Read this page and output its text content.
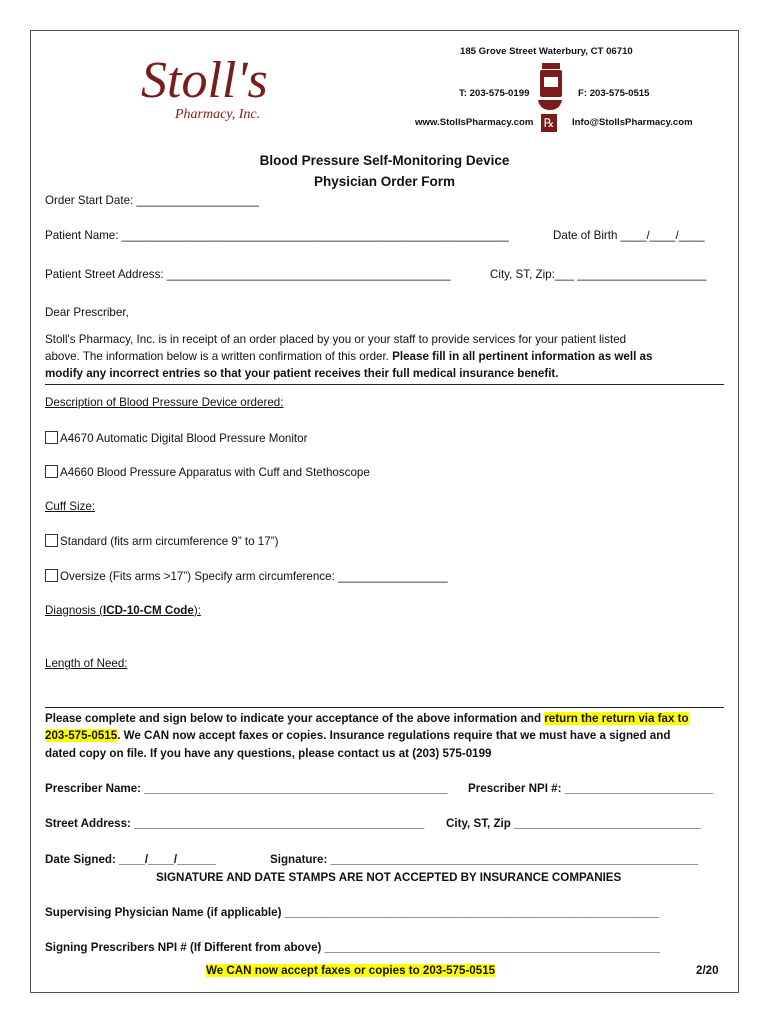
Stoll's
Pharmacy, Inc.
185 Grove Street Waterbury, CT 06710
T: 203-575-0199	F: 203-575-0515
www.StollsPharmacy.com	Info@StollsPharmacy.com
℞
Blood Pressure Self-Monitoring Device
Physician Order Form
Order Start Date: ___________________
Patient Name: ____________________________________________________________	Date of Birth ____/____/____
Patient Street Address: ____________________________________________	City, ST, Zip:___ ____________________
Dear Prescriber,
Stoll's Pharmacy, Inc. is in receipt of an order placed by you or your staff to provide services for your patient listed
above. The information below is a written confirmation of this order. Please fill in all pertinent information as well as
modify any incorrect entries so that your patient receives their full medical insurance benefit.
Description of Blood Pressure Device ordered:
A4670 Automatic Digital Blood Pressure Monitor
A4660 Blood Pressure Apparatus with Cuff and Stethoscope
Cuff Size:
Standard (fits arm circumference 9” to 17”)
Oversize (Fits arms >17”) Specify arm circumference: _________________
Diagnosis (ICD-10-CM Code):
Length of Need:
Please complete and sign below to indicate your acceptance of the above information and return the return via fax to
203-575-0515. We CAN now accept faxes or copies. Insurance regulations require that we must have a signed and
dated copy on file. If you have any questions, please contact us at (203) 575-0199
Prescriber Name: _______________________________________________ Prescriber NPI #: _______________________
Street Address: _____________________________________________ City, ST, Zip _____________________________
Date Signed: ____/____/______	Signature: _________________________________________________________
SIGNATURE AND DATE STAMPS ARE NOT ACCEPTED BY INSURANCE COMPANIES
Supervising Physician Name (if applicable) __________________________________________________________
Signing Prescribers NPI # (If Different from above) ____________________________________________________
We CAN now accept faxes or copies to 203-575-0515	2/20
